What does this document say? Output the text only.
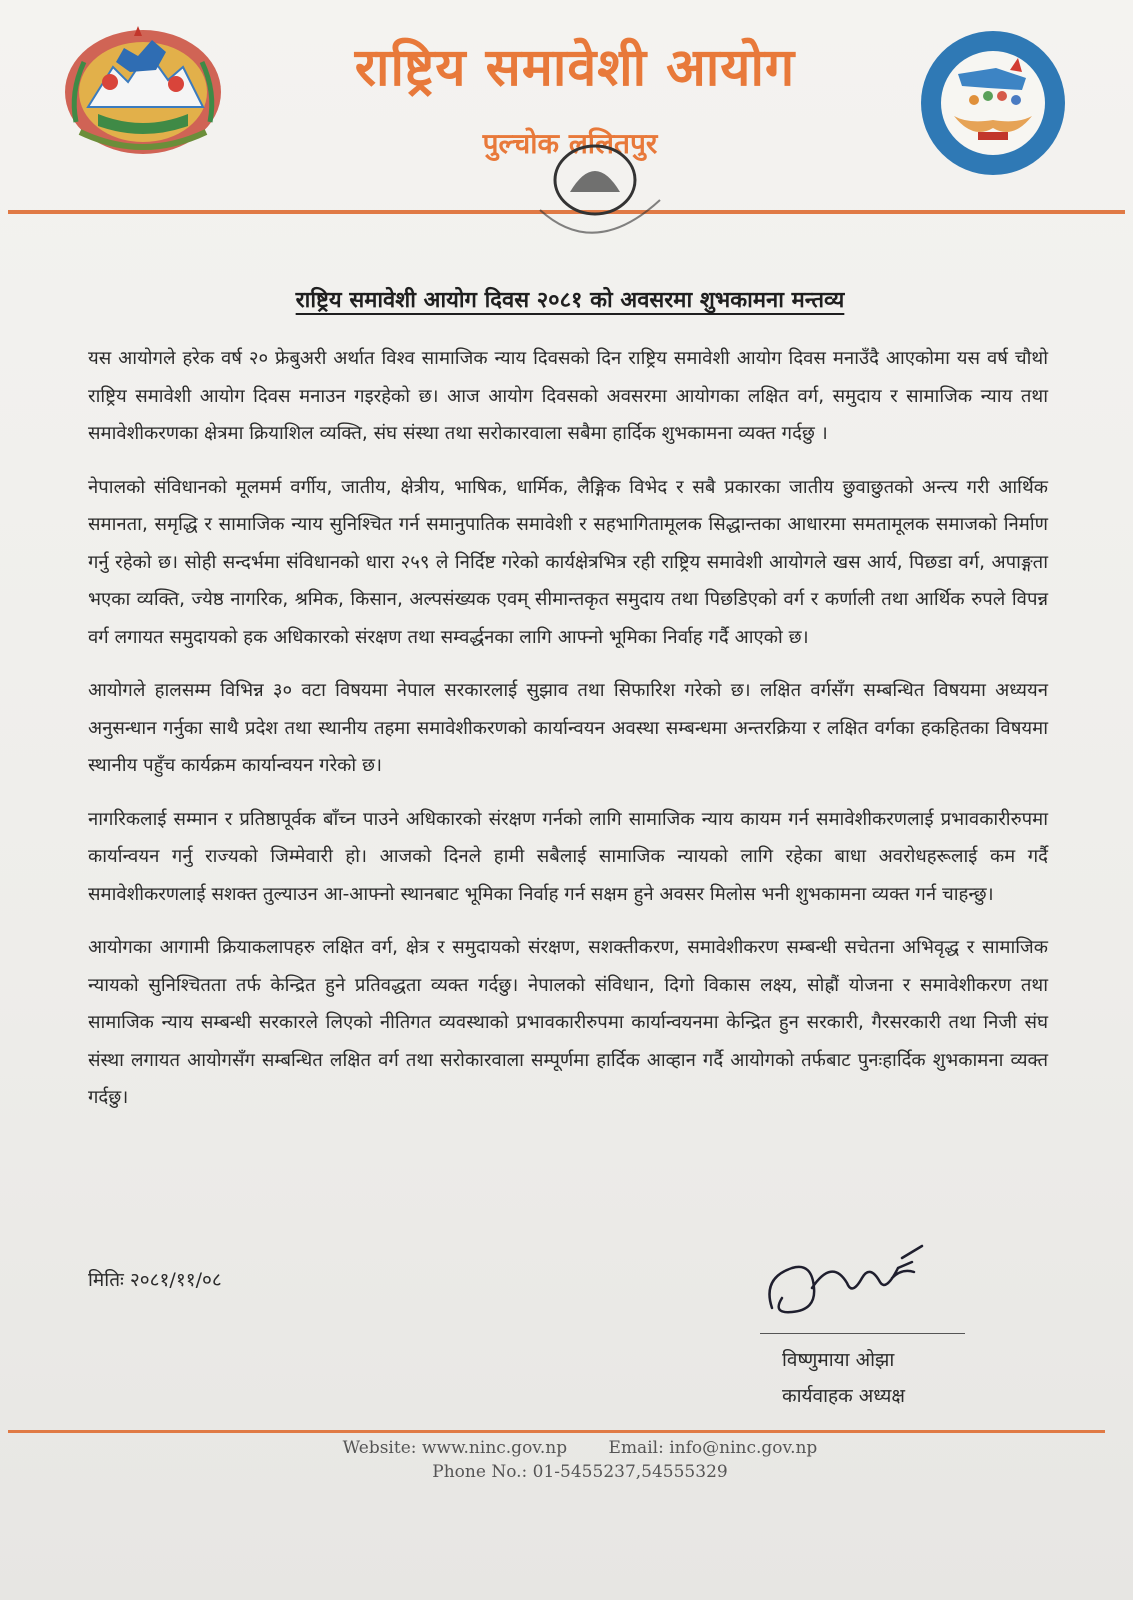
राष्ट्रिय समावेशी आयोग
पुल्चोक ललितपुर
राष्ट्रिय समावेशी आयोग दिवस २०८१ को अवसरमा शुभकामना मन्तव्य

यस आयोगले हरेक वर्ष २० फ्रेबुअरी अर्थात विश्व सामाजिक न्याय दिवसको दिन राष्ट्रिय समावेशी आयोग दिवस मनाउँदै आएकोमा यस वर्ष चौथो राष्ट्रिय समावेशी आयोग दिवस मनाउन गइरहेको छ। आज आयोग दिवसको अवसरमा आयोगका लक्षित वर्ग, समुदाय र सामाजिक न्याय तथा समावेशीकरणका क्षेत्रमा क्रियाशिल व्यक्ति, संघ संस्था तथा सरोकारवाला सबैमा हार्दिक शुभकामना व्यक्त गर्दछु ।

नेपालको संविधानको मूलमर्म वर्गीय, जातीय, क्षेत्रीय, भाषिक, धार्मिक, लैङ्गिक विभेद र सबै प्रकारका जातीय छुवाछुतको अन्त्य गरी आर्थिक समानता, समृद्धि र सामाजिक न्याय सुनिश्चित गर्न समानुपातिक समावेशी र सहभागितामूलक सिद्धान्तका आधारमा समतामूलक समाजको निर्माण गर्नु रहेको छ। सोही सन्दर्भमा संविधानको धारा २५९ ले निर्दिष्ट गरेको कार्यक्षेत्रभित्र रही राष्ट्रिय समावेशी आयोगले खस आर्य, पिछडा वर्ग, अपाङ्गता भएका व्यक्ति, ज्येष्ठ नागरिक, श्रमिक, किसान, अल्पसंख्यक एवम् सीमान्तकृत समुदाय तथा पिछडिएको वर्ग र कर्णाली तथा आर्थिक रुपले विपन्न वर्ग लगायत समुदायको हक अधिकारको संरक्षण तथा सम्वर्द्धनका लागि आफ्नो भूमिका निर्वाह गर्दै आएको छ।

आयोगले हालसम्म विभिन्न ३० वटा विषयमा नेपाल सरकारलाई सुझाव तथा सिफारिश गरेको छ। लक्षित वर्गसँग सम्बन्धित विषयमा अध्ययन अनुसन्धान गर्नुका साथै प्रदेश तथा स्थानीय तहमा समावेशीकरणको कार्यान्वयन अवस्था सम्बन्धमा अन्तरक्रिया र लक्षित वर्गका हकहितका विषयमा स्थानीय पहुँच कार्यक्रम कार्यान्वयन गरेको छ।

नागरिकलाई सम्मान र प्रतिष्ठापूर्वक बाँच्न पाउने अधिकारको संरक्षण गर्नको लागि सामाजिक न्याय कायम गर्न समावेशीकरणलाई प्रभावकारीरुपमा कार्यान्वयन गर्नु राज्यको जिम्मेवारी हो। आजको दिनले हामी सबैलाई सामाजिक न्यायको लागि रहेका बाधा अवरोधहरूलाई कम गर्दै समावेशीकरणलाई सशक्त तुल्याउन आ-आफ्नो स्थानबाट भूमिका निर्वाह गर्न सक्षम हुने अवसर मिलोस भनी शुभकामना व्यक्त गर्न चाहन्छु।

आयोगका आगामी क्रियाकलापहरु लक्षित वर्ग, क्षेत्र र समुदायको संरक्षण, सशक्तीकरण, समावेशीकरण सम्बन्धी सचेतना अभिवृद्ध र सामाजिक न्यायको सुनिश्चितता तर्फ केन्द्रित हुने प्रतिवद्धता व्यक्त गर्दछु। नेपालको संविधान, दिगो विकास लक्ष्य, सोह्रौं योजना र समावेशीकरण तथा सामाजिक न्याय सम्बन्धी सरकारले लिएको नीतिगत व्यवस्थाको प्रभावकारीरुपमा कार्यान्वयनमा केन्द्रित हुन सरकारी, गैरसरकारी तथा निजी संघ संस्था लगायत आयोगसँग सम्बन्धित लक्षित वर्ग तथा सरोकारवाला सम्पूर्णमा हार्दिक आव्हान गर्दै आयोगको तर्फबाट पुनःहार्दिक शुभकामना व्यक्त गर्दछु।

मितिः २०८१/११/०८
विष्णुमाया ओझा
कार्यवाहक अध्यक्ष
Website: www.ninc.gov.np Email: info@ninc.gov.np
Phone No.: 01-5455237,54555329
